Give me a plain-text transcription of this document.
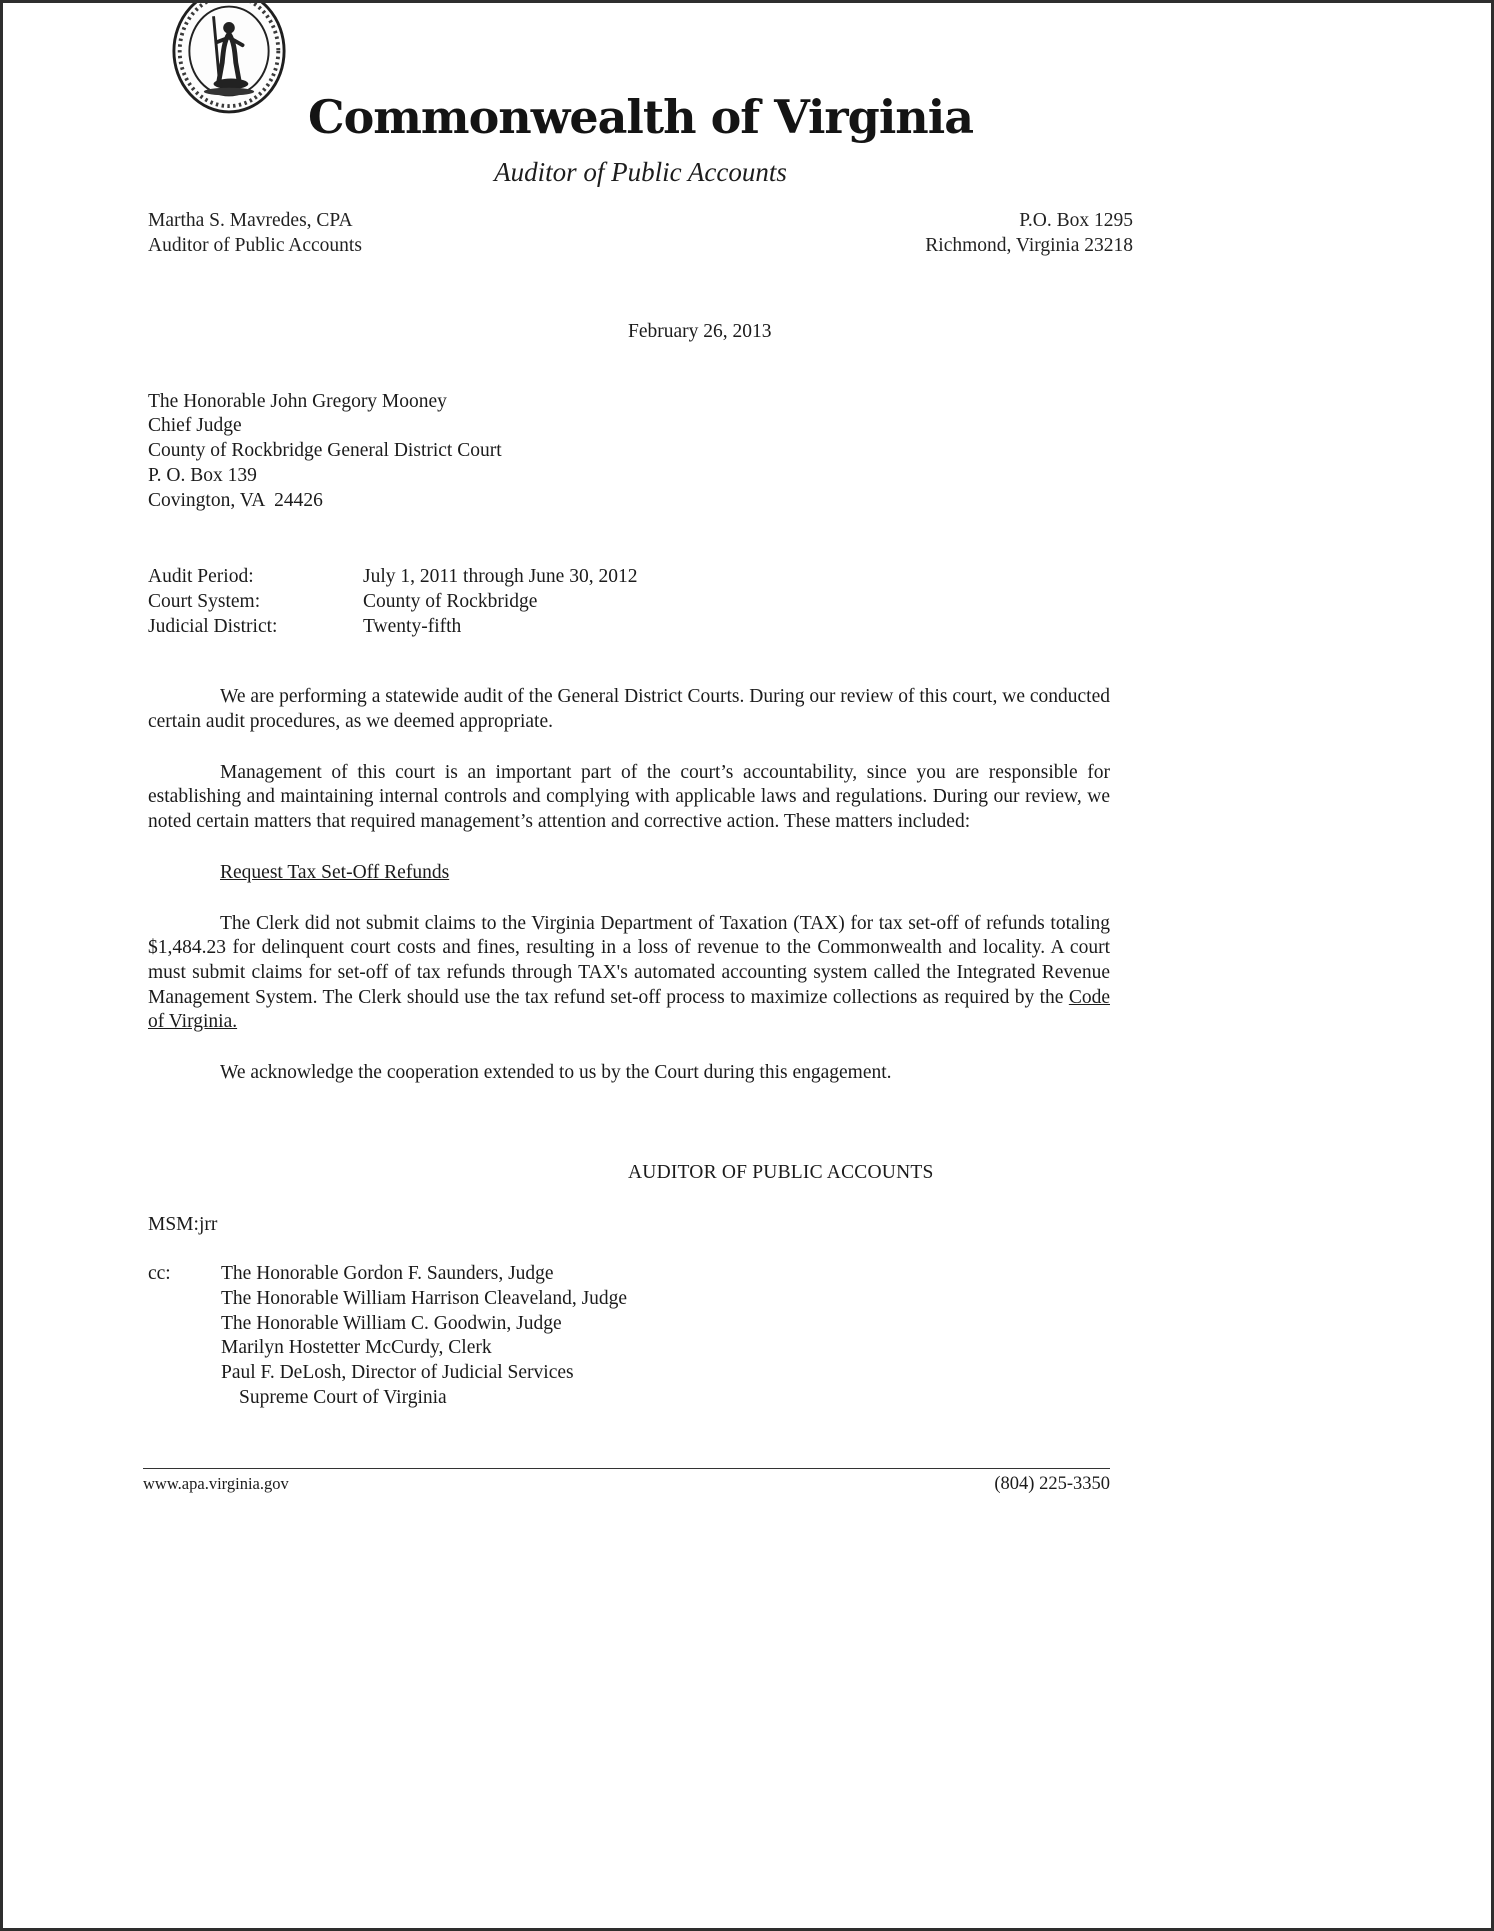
Commonwealth of Virginia
Auditor of Public Accounts
Martha S. Mavredes, CPA
Auditor of Public Accounts
P.O. Box 1295
Richmond, Virginia 23218
February 26, 2013
The Honorable John Gregory Mooney
Chief Judge
County of Rockbridge General District Court
P. O. Box 139
Covington, VA  24426
Audit Period:	July 1, 2011 through June 30, 2012
Court System:	County of Rockbridge
Judicial District:	Twenty-fifth

We are performing a statewide audit of the General District Courts. During our review of this court, we conducted certain audit procedures, as we deemed appropriate.

Management of this court is an important part of the court’s accountability, since you are responsible for establishing and maintaining internal controls and complying with applicable laws and regulations. During our review, we noted certain matters that required management’s attention and corrective action. These matters included:

Request Tax Set-Off Refunds

The Clerk did not submit claims to the Virginia Department of Taxation (TAX) for tax set-off of refunds totaling $1,484.23 for delinquent court costs and fines, resulting in a loss of revenue to the Commonwealth and locality. A court must submit claims for set-off of tax refunds through TAX's automated accounting system called the Integrated Revenue Management System. The Clerk should use the tax refund set-off process to maximize collections as required by the Code of Virginia.

We acknowledge the cooperation extended to us by the Court during this engagement.

AUDITOR OF PUBLIC ACCOUNTS
MSM:jrr
cc:	The Honorable Gordon F. Saunders, Judge
The Honorable William Harrison Cleaveland, Judge
The Honorable William C. Goodwin, Judge
Marilyn Hostetter McCurdy, Clerk
Paul F. DeLosh, Director of Judicial Services
Supreme Court of Virginia
www.apa.virginia.gov	(804) 225-3350
